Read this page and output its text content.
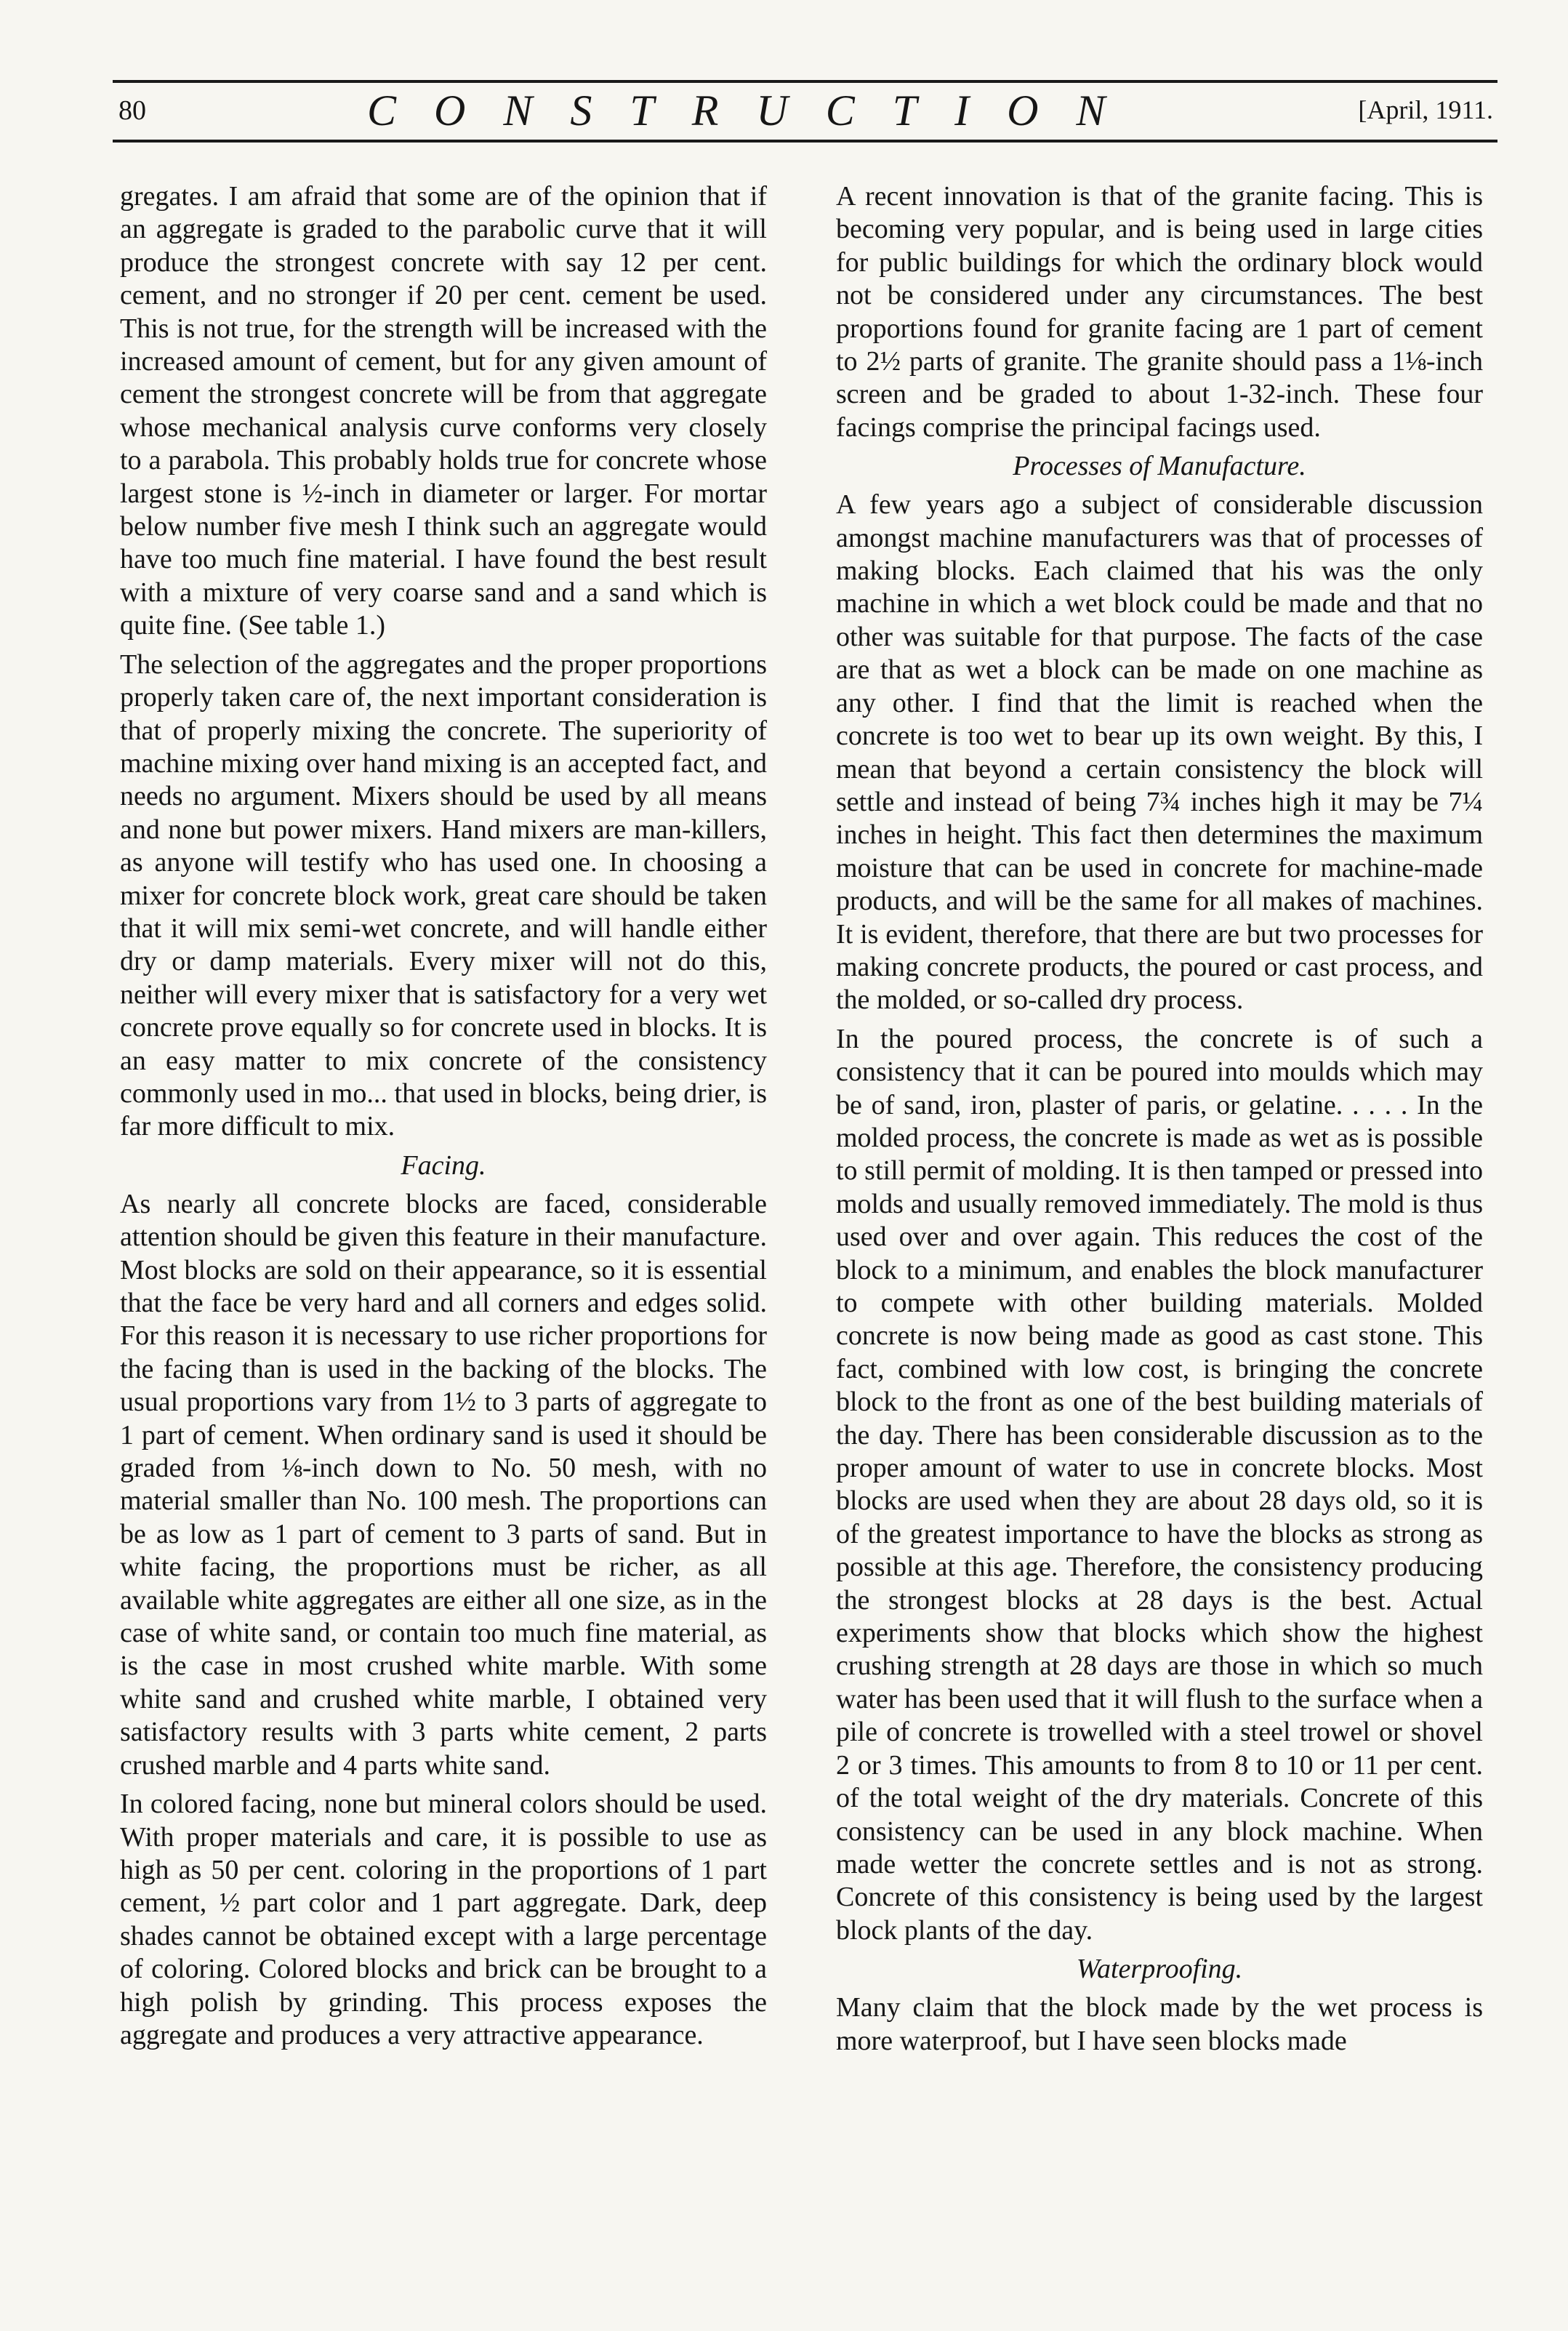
80	CONSTRUCTION	[April, 1911.

gregates. I am afraid that some are of the opinion that if an aggregate is graded to the parabolic curve that it will produce the strongest concrete with say 12 per cent. cement, and no stronger if 20 per cent. cement be used. This is not true, for the strength will be increased with the increased amount of cement, but for any given amount of cement the strongest concrete will be from that aggregate whose mechanical analysis curve conforms very closely to a parabola. This probably holds true for concrete whose largest stone is ½-inch in diameter or larger. For mortar below number five mesh I think such an aggregate would have too much fine material. I have found the best result with a mixture of very coarse sand and a sand which is quite fine. (See table 1.)

The selection of the aggregates and the proper proportions properly taken care of, the next important consideration is that of properly mixing the concrete. The superiority of machine mixing over hand mixing is an accepted fact, and needs no argument. Mixers should be used by all means and none but power mixers. Hand mixers are man-killers, as anyone will testify who has used one. In choosing a mixer for concrete block work, great care should be taken that it will mix semi-wet concrete, and will handle either dry or damp materials. Every mixer will not do this, neither will every mixer that is satisfactory for a very wet concrete prove equally so for concrete used in blocks. It is an easy matter to mix concrete of the consistency commonly used in mo... that used in blocks, being drier, is far more difficult to mix.

Facing.

As nearly all concrete blocks are faced, considerable attention should be given this feature in their manufacture. Most blocks are sold on their appearance, so it is essential that the face be very hard and all corners and edges solid. For this reason it is necessary to use richer proportions for the facing than is used in the backing of the blocks. The usual proportions vary from 1½ to 3 parts of aggregate to 1 part of cement. When ordinary sand is used it should be graded from ⅛-inch down to No. 50 mesh, with no material smaller than No. 100 mesh. The proportions can be as low as 1 part of cement to 3 parts of sand. But in white facing, the proportions must be richer, as all available white aggregates are either all one size, as in the case of white sand, or contain too much fine material, as is the case in most crushed white marble. With some white sand and crushed white marble, I obtained very satisfactory results with 3 parts white cement, 2 parts crushed marble and 4 parts white sand.

In colored facing, none but mineral colors should be used. With proper materials and care, it is possible to use as high as 50 per cent. coloring in the proportions of 1 part cement, ½ part color and 1 part aggregate. Dark, deep shades cannot be obtained except with a large percentage of coloring. Colored blocks and brick can be brought to a high polish by grinding. This process exposes the aggregate and produces a very attractive appearance.

A recent innovation is that of the granite facing. This is becoming very popular, and is being used in large cities for public buildings for which the ordinary block would not be considered under any circumstances. The best proportions found for granite facing are 1 part of cement to 2½ parts of granite. The granite should pass a 1⅛-inch screen and be graded to about 1-32-inch. These four facings comprise the principal facings used.

Processes of Manufacture.

A few years ago a subject of considerable discussion amongst machine manufacturers was that of processes of making blocks. Each claimed that his was the only machine in which a wet block could be made and that no other was suitable for that purpose. The facts of the case are that as wet a block can be made on one machine as any other. I find that the limit is reached when the concrete is too wet to bear up its own weight. By this, I mean that beyond a certain consistency the block will settle and instead of being 7¾ inches high it may be 7¼ inches in height. This fact then determines the maximum moisture that can be used in concrete for machine-made products, and will be the same for all makes of machines. It is evident, therefore, that there are but two processes for making concrete products, the poured or cast process, and the molded, or so-called dry process.

In the poured process, the concrete is of such a consistency that it can be poured into moulds which may be of sand, iron, plaster of paris, or gelatine. . . . . In the molded process, the concrete is made as wet as is possible to still permit of molding. It is then tamped or pressed into molds and usually removed immediately. The mold is thus used over and over again. This reduces the cost of the block to a minimum, and enables the block manufacturer to compete with other building materials. Molded concrete is now being made as good as cast stone. This fact, combined with low cost, is bringing the concrete block to the front as one of the best building materials of the day. There has been considerable discussion as to the proper amount of water to use in concrete blocks. Most blocks are used when they are about 28 days old, so it is of the greatest importance to have the blocks as strong as possible at this age. Therefore, the consistency producing the strongest blocks at 28 days is the best. Actual experiments show that blocks which show the highest crushing strength at 28 days are those in which so much water has been used that it will flush to the surface when a pile of concrete is trowelled with a steel trowel or shovel 2 or 3 times. This amounts to from 8 to 10 or 11 per cent. of the total weight of the dry materials. Concrete of this consistency can be used in any block machine. When made wetter the concrete settles and is not as strong. Concrete of this consistency is being used by the largest block plants of the day.

Waterproofing.

Many claim that the block made by the wet process is more waterproof, but I have seen blocks made
